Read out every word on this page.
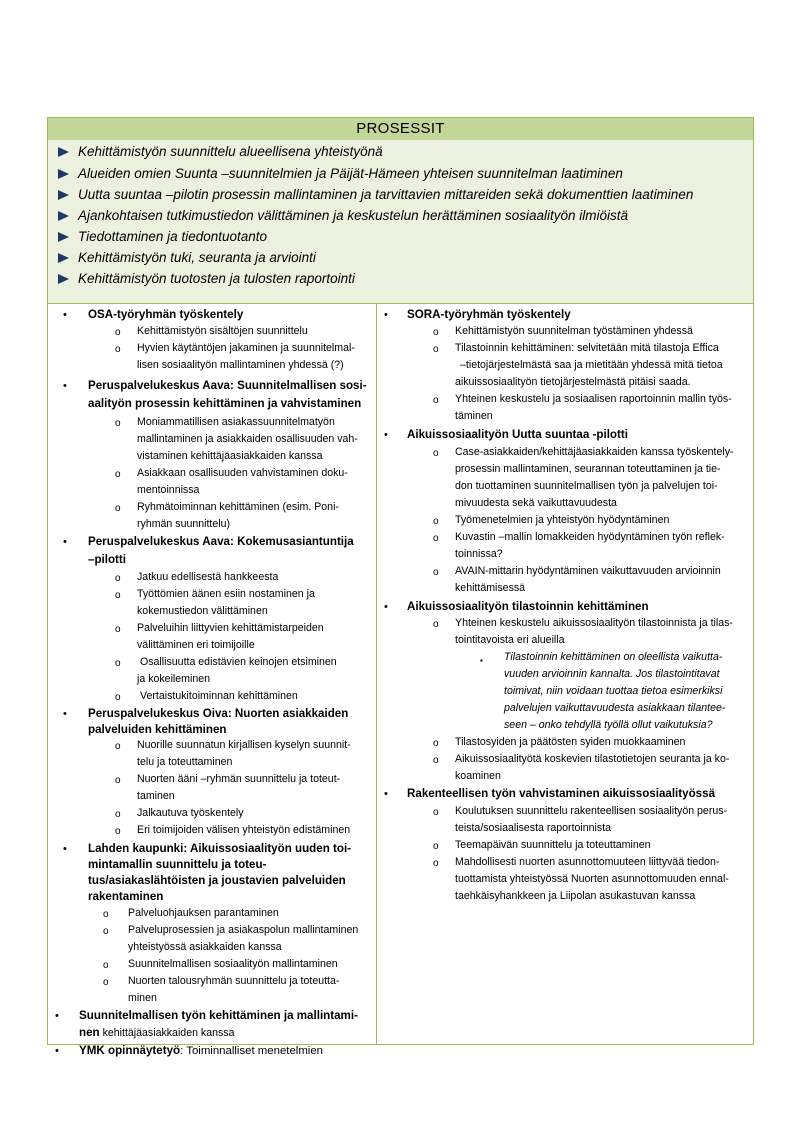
PROSESSIT
Kehittämistyön suunnittelu alueellisena yhteistyönä
Alueiden omien Suunta –suunnitelmien ja Päijät-Hämeen yhteisen suunnitelman laatiminen
Uutta suuntaa –pilotin prosessin mallintaminen ja tarvittavien mittareiden sekä dokumenttien laatiminen
Ajankohtaisen tutkimustiedon välittäminen ja keskustelun herättäminen sosiaalityön ilmiöistä
Tiedottaminen ja tiedontuotanto
Kehittämistyön tuki, seuranta ja arviointi
Kehittämistyön tuotosten ja tulosten raportointi
• OSA-työryhmän työskentely
o Kehittämistyön sisältöjen suunnittelu
o Hyvien käytäntöjen jakaminen ja suunnitelmal-
lisen sosiaalityön mallintaminen yhdessä (?)
• Peruspalvelukeskus Aava: Suunnitelmallisen sosi-
aalityön prosessin kehittäminen ja vahvistaminen
o Moniammatillisen asiakassuunnitelmatyön
mallintaminen ja asiakkaiden osallisuuden vah-
vistaminen kehittäjäasiakkaiden kanssa
o Asiakkaan osallisuuden vahvistaminen doku-
mentoinnissa
o Ryhmätoiminnan kehittäminen (esim. Poni-
ryhmän suunnittelu)
• Peruspalvelukeskus Aava: Kokemusasiantuntija
–pilotti
o Jatkuu edellisestä hankkeesta
o Työttömien äänen esiin nostaminen ja
kokemustiedon välittäminen
o Palveluihin liittyvien kehittämistarpeiden
välittäminen eri toimijoille
o Osallisuutta edistävien keinojen etsiminen
ja kokeileminen
o Vertaistukitoiminnan kehittäminen
• Peruspalvelukeskus Oiva: Nuorten asiakkaiden
palveluiden kehittäminen
o Nuorille suunnatun kirjallisen kyselyn suunnit-
telu ja toteuttaminen
o Nuorten ääni –ryhmän suunnittelu ja toteut-
taminen
o Jalkautuva työskentely
o Eri toimijoiden välisen yhteistyön edistäminen
• Lahden kaupunki: Aikuissosiaalityön uuden toi-
mintamallin suunnittelu ja toteu-
tus/asiakaslähtöisten ja joustavien palveluiden
rakentaminen
o Palveluohjauksen parantaminen
o Palveluprosessien ja asiakaspolun mallintaminen
yhteistyössä asiakkaiden kanssa
o Suunnitelmallisen sosiaalityön mallintaminen
o Nuorten talousryhmän suunnittelu ja toteutta-
minen
• Suunnitelmallisen työn kehittäminen ja mallintami-
nen kehittäjäasiakkaiden kanssa
• YMK opinnäytetyö: Toiminnalliset menetelmien
• SORA-työryhmän työskentely
o Kehittämistyön suunnitelman työstäminen yhdessä
o Tilastoinnin kehittäminen: selvitetään mitä tilastoja Effica
–tietojärjestelmästä saa ja mietitään yhdessä mitä tietoa
aikuissosiaalityön tietojärjestelmästä pitäisi saada.
o Yhteinen keskustelu ja sosiaalisen raportoinnin mallin työs-
täminen
• Aikuissosiaalityön Uutta suuntaa -pilotti
o Case-asiakkaiden/kehittäjäasiakkaiden kanssa työskentely-
prosessin mallintaminen, seurannan toteuttaminen ja tie-
don tuottaminen suunnitelmallisen työn ja palvelujen toi-
mivuudesta sekä vaikuttavuudesta
o Työmenetelmien ja yhteistyön hyödyntäminen
o Kuvastin –mallin lomakkeiden hyödyntäminen työn reflek-
toinnissa?
o AVAIN-mittarin hyödyntäminen vaikuttavuuden arvioinnin
kehittämisessä
• Aikuissosiaalityön tilastoinnin kehittäminen
o Yhteinen keskustelu aikuissosiaalityön tilastoinnista ja tilas-
tointitavoista eri alueilla
▪ Tilastoinnin kehittäminen on oleellista vaikutta-
vuuden arvioinnin kannalta. Jos tilastointitavat
toimivat, niin voidaan tuottaa tietoa esimerkiksi
palvelujen vaikuttavuudesta asiakkaan tilantee-
seen – onko tehdyllä työllä ollut vaikutuksia?
o Tilastosyiden ja päätösten syiden muokkaaminen
o Aikuissosiaalityötä koskevien tilastotietojen seuranta ja ko-
koaminen
• Rakenteellisen työn vahvistaminen aikuissosiaalityössä
o Koulutuksen suunnittelu rakenteellisen sosiaalityön perus-
teista/sosiaalisesta raportoinnista
o Teemapäivän suunnittelu ja toteuttaminen
o Mahdollisesti nuorten asunnottomuuteen liittyvää tiedon-
tuottamista yhteistyössä Nuorten asunnottomuuden ennal-
taehkäisyhankkeen ja Liipolan asukastuvan kanssa
